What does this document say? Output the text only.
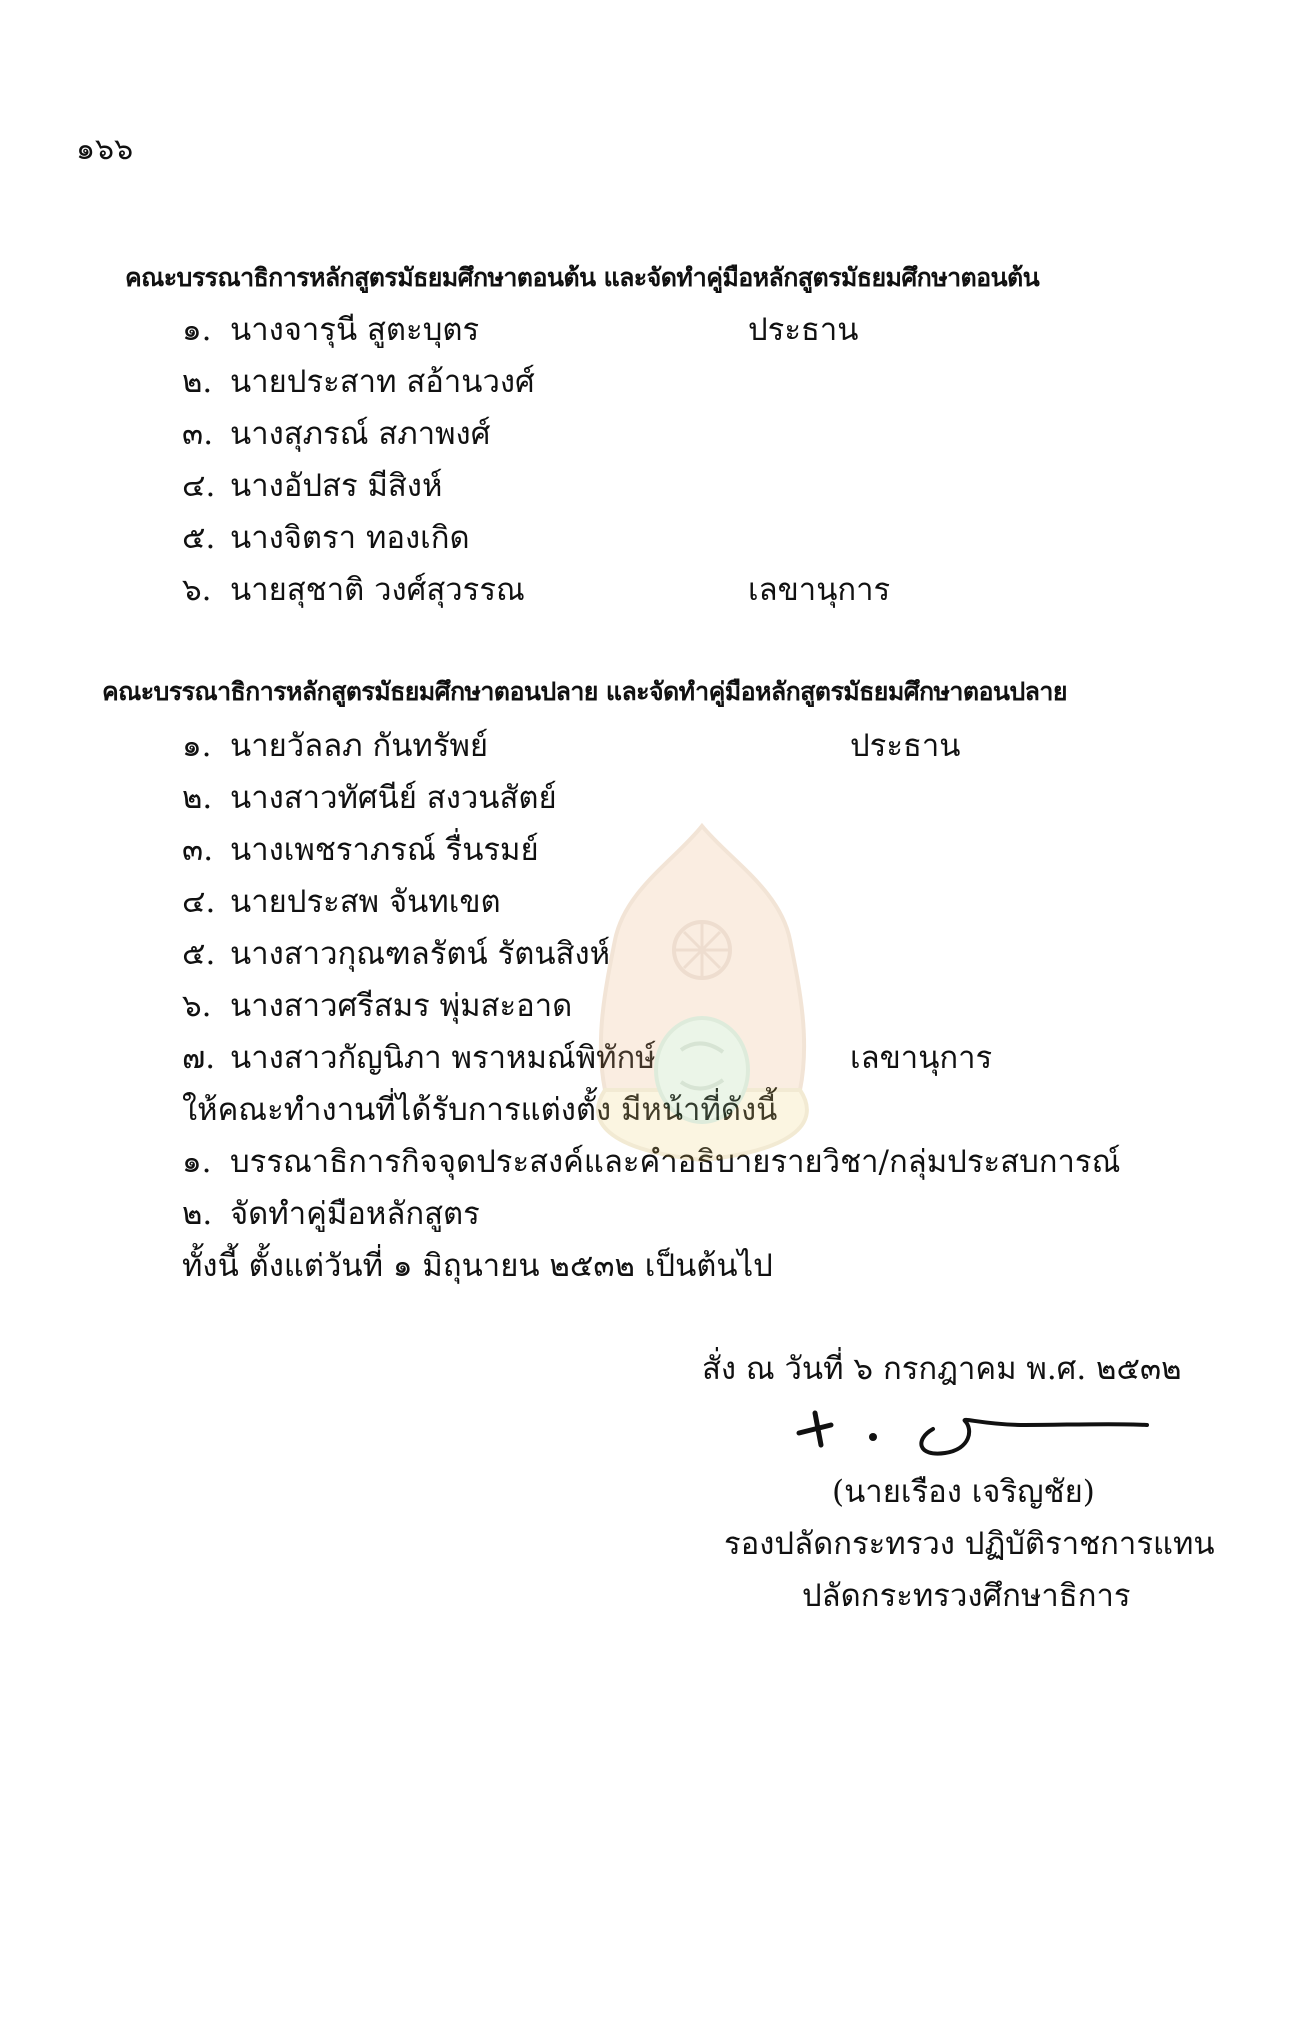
๑๖๖
คณะบรรณาธิการหลักสูตรมัธยมศึกษาตอนต้น และจัดทำคู่มือหลักสูตรมัธยมศึกษาตอนต้น
๑. นางจารุนี สูตะบุตร	ประธาน
๒. นายประสาท สอ้านวงศ์
๓. นางสุภรณ์ สภาพงศ์
๔. นางอัปสร มีสิงห์
๕. นางจิตรา ทองเกิด
๖. นายสุชาติ วงศ์สุวรรณ	เลขานุการ
คณะบรรณาธิการหลักสูตรมัธยมศึกษาตอนปลาย และจัดทำคู่มือหลักสูตรมัธยมศึกษาตอนปลาย
๑. นายวัลลภ กันทรัพย์	ประธาน
๒. นางสาวทัศนีย์ สงวนสัตย์
๓. นางเพชราภรณ์ รื่นรมย์
๔. นายประสพ จันทเขต
๕. นางสาวกุณฑลรัตน์ รัตนสิงห์
๖. นางสาวศรีสมร พุ่มสะอาด
๗. นางสาวกัญนิภา พราหมณ์พิทักษ์	เลขานุการ
ให้คณะทำงานที่ได้รับการแต่งตั้ง มีหน้าที่ดังนี้
๑. บรรณาธิการกิจจุดประสงค์และคำอธิบายรายวิชา/กลุ่มประสบการณ์
๒. จัดทำคู่มือหลักสูตร
ทั้งนี้ ตั้งแต่วันที่ ๑ มิถุนายน ๒๕๓๒ เป็นต้นไป
สั่ง ณ วันที่ ๖ กรกฎาคม พ.ศ. ๒๕๓๒
(นายเรือง เจริญชัย)
รองปลัดกระทรวง ปฏิบัติราชการแทน
ปลัดกระทรวงศึกษาธิการ
